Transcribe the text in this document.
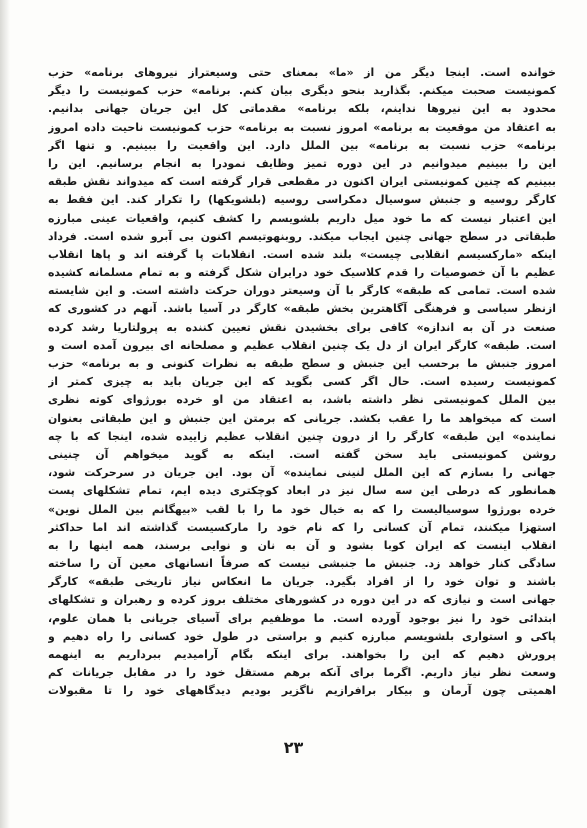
خوانده است. اینجا دیگر من از «ما» بمعنای حتی وسیعتراز نیروهای برنامه» حزب
کمونیست صحبت میکنم. بگذارید بنحو دیگری بیان کنم. برنامه» حزب کمونیست را دیگر
محدود به این نیروها نداینم، بلکه برنامه» مقدماتی کل این جریان جهانی بدانیم.
به اعتقاد من موقعیت به برنامه» امروز نسبت به برنامه» حزب کمونیست ناحیت داده امروز
برنامه» حزب نسبت به برنامه» بین الملل دارد. این واقعیت را ببینیم. و تنها اگر
این را ببینیم میدوانیم در این دوره تمیز وظایف نمودرا به انجام برسانیم. این را
ببینیم که چنین کمونیستی ایران اکنون در مقطعی قرار گرفته است که میدواند نقش طبقه
کارگر روسیه و جنبش سوسیال دمکراسی روسیه (بلشویکها) را تکرار کند. این فقط به
این اعتبار نیست که ما خود میل داریم بلشویسم را کشف کنیم، واقعیات عینی مبارزه
طبقاتی در سطح جهانی چنین ایجاب میکند. روبنهوتیسم اکنون بی آبرو شده است. فرداد
اینکه «مارکسیسم انقلابی چیست» بلند شده است. انقلابات پا گرفته اند و پاها انقلاب
عظیم با آن خصوصیات را قدم کلاسیک خود درایران شکل گرفته و به تمام مسلمانه کشیده
شده است. تمامی که طبقه» کارگر با آن وسیعتر دوران حرکت داشته است. و این شایسته
ازنظر سیاسی و فرهنگی آگاهترین بخش طبقه» کارگر در آسیا باشد. آنهم در کشوری که
صنعت در آن به اندازه» کافی برای بخشیدن نقش تعیین کننده به پرولتاریا رشد کرده
است. طبقه» کارگر ایران از دل یک چنین انقلاب عظیم و مصلحانه ای بیرون آمده است و
امروز جنبش ما برحسب این جنبش و سطح طبقه به نظرات کنونی و به برنامه» حزب
کمونیست رسیده است. حال اگر کسی بگوید که این جریان باید به چیزی کمتر از
بین الملل کمونیستی نظر داشته باشد، به اعتقاد من او خرده بورژوای کوته نظری
است که میخواهد ما را عقب بکشد. جریانی که برمتن این جنبش و این طبقاتی بعنوان
نماینده» این طبقه» کارگر را از درون چنین انقلاب عظیم زاییده شده، اینجا که با چه
روشن کمونیستی باید سخن گفته است. اینکه به گوید میخواهم آن چنینی
جهانی را بسازم که این الملل لنینی نماینده» آن بود. این جریان در سرحرکت شود،
همانطور که درطی این سه سال نیز در ابعاد کوچکتری دیده ایم، تمام تشکلهای پست
خرده بورژوا سوسیالیست را که به خیال خود ما را با لقب «بیهگانم بین الملل نوین»
استهزا میکنند، تمام آن کسانی را که نام خود را مارکسیست گذاشته اند اما حداکثر
انقلاب اینست که ایران کوبا بشود و آن به نان و نوایی برسند، همه اینها را به
سادگی کنار خواهد زد. جنبش ما جنبشی نیست که صرفاً انسانهای معین آن را ساخته
باشند و توان خود را از افراد بگیرد. جریان ما انعکاس نیاز تاریخی طبقه» کارگر
جهانی است و نیازی که در این دوره در کشورهای مختلف بروز کرده و رهبران و تشکلهای
ابتدائی خود را نیز بوجود آورده است. ما موظفیم برای آسیای جریانی با همان علوم،
پاکی و استواری بلشویسم مبارزه کنیم و براستی در طول خود کسانی را راه دهیم و
پرورش دهیم که این را بخواهند. برای اینکه بگام آرامیدیم ببرداریم به اینهمه
وسعت نظر نیاز داریم. اگرما برای آنکه برهم مستقل خود را در مقابل جریانات کم
اهمیتی چون آرمان و بیکار برافرازیم ناگزیر بودیم دیدگاههای خود را تا مقبولات
۲۳
